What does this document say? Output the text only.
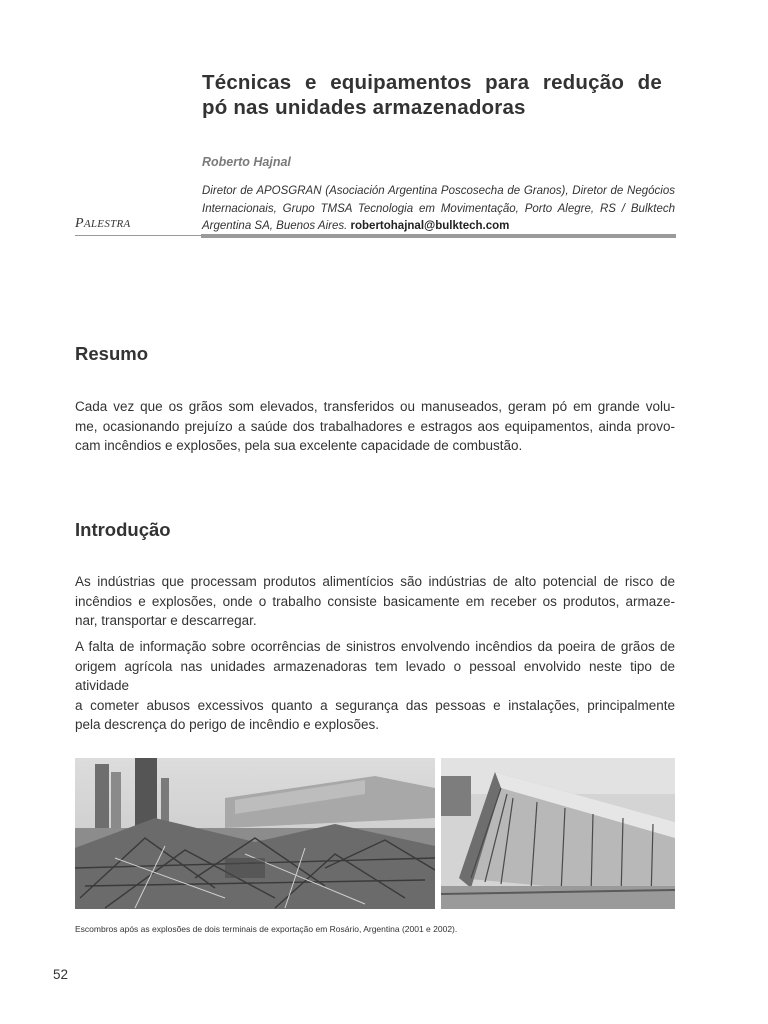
Técnicas e equipamentos para redução de
pó nas unidades armazenadoras
Roberto Hajnal
Diretor de APOSGRAN (Asociación Argentina Poscosecha de Granos), Diretor de Negócios Internacionais, Grupo TMSA Tecnologia em Movimentação, Porto Alegre, RS / Bulktech Argentina SA, Buenos Aires. robertohajnal@bulktech.com
PALESTRA
Resumo
Cada vez que os grãos som elevados, transferidos ou manuseados, geram pó em grande volu-
me, ocasionando prejuízo a saúde dos trabalhadores e estragos aos equipamentos, ainda provo-
cam incêndios e explosões, pela sua excelente capacidade de combustão.
Introdução
As indústrias que processam produtos alimentícios são indústrias de alto potencial de risco de
incêndios e explosões, onde o trabalho consiste basicamente em receber os produtos, armaze-
nar, transportar e descarregar.
A falta de informação sobre ocorrências de sinistros envolvendo incêndios da poeira de grãos de
origem agrícola nas unidades armazenadoras tem levado o pessoal envolvido neste tipo de atividade
a cometer abusos excessivos quanto a segurança das pessoas e instalações, principalmente
pela descrença do perigo de incêndio e explosões.
Escombros após as explosões de dois terminais de exportação em Rosário, Argentina (2001 e 2002).
52
